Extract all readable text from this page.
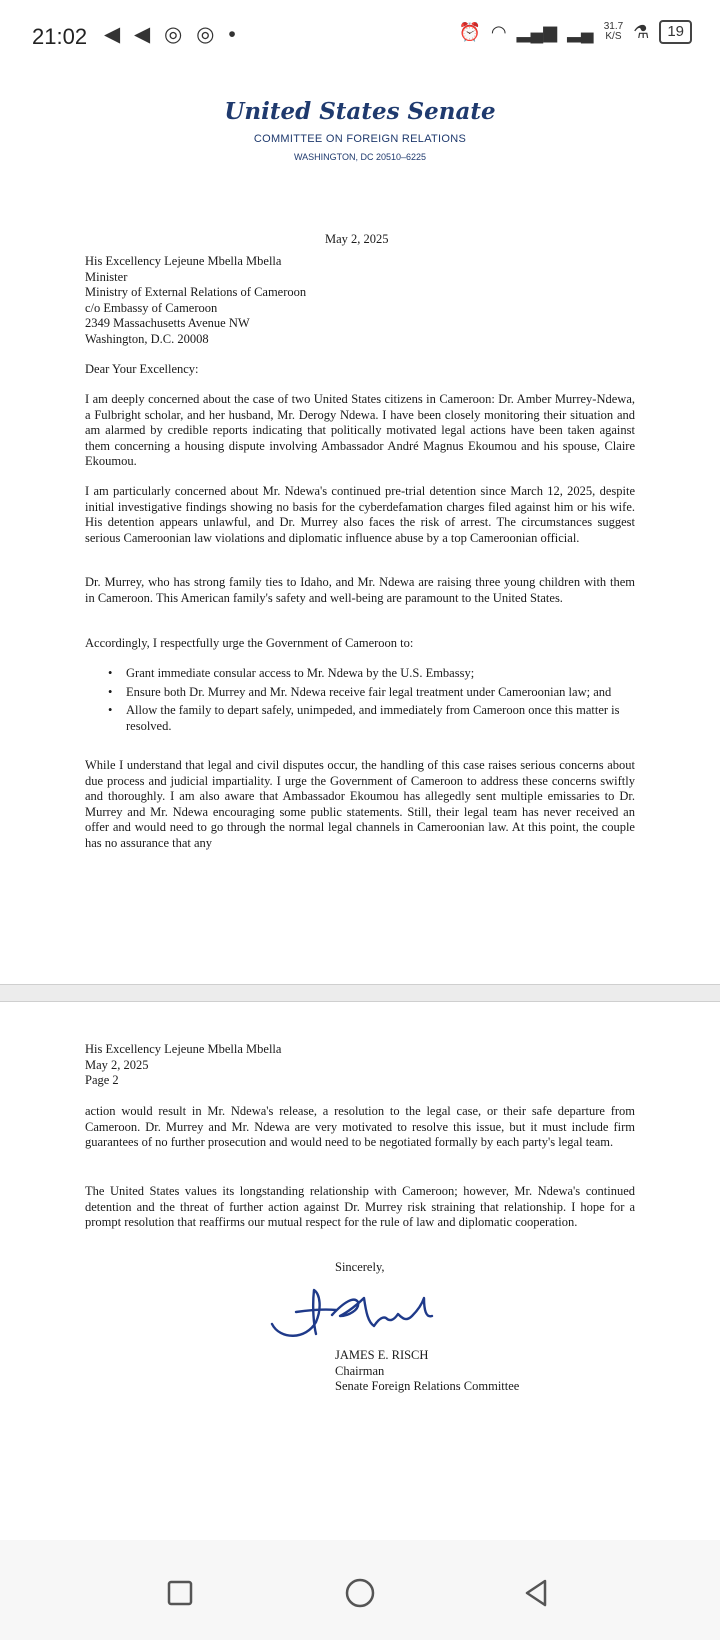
21:02 ◀ ◀ ◎ ◎ •	⏰ ◠ ▂▄▆ ▂▄ 31.7
K/S ⚗	19
United States Senate
COMMITTEE ON FOREIGN RELATIONS
WASHINGTON, DC 20510–6225
May 2, 2025
His Excellency Lejeune Mbella Mbella
Minister
Ministry of External Relations of Cameroon
c/o Embassy of Cameroon
2349 Massachusetts Avenue NW
Washington, D.C. 20008
Dear Your Excellency:
I am deeply concerned about the case of two United States citizens in Cameroon: Dr. Amber Murrey-Ndewa, a Fulbright scholar, and her husband, Mr. Derogy Ndewa. I have been closely monitoring their situation and am alarmed by credible reports indicating that politically motivated legal actions have been taken against them concerning a housing dispute involving Ambassador André Magnus Ekoumou and his spouse, Claire Ekoumou.
I am particularly concerned about Mr. Ndewa's continued pre-trial detention since March 12, 2025, despite initial investigative findings showing no basis for the cyberdefamation charges filed against him or his wife. His detention appears unlawful, and Dr. Murrey also faces the risk of arrest. The circumstances suggest serious Cameroonian law violations and diplomatic influence abuse by a top Cameroonian official.
Dr. Murrey, who has strong family ties to Idaho, and Mr. Ndewa are raising three young children with them in Cameroon. This American family's safety and well-being are paramount to the United States.
Accordingly, I respectfully urge the Government of Cameroon to:
• Grant immediate consular access to Mr. Ndewa by the U.S. Embassy;
• Ensure both Dr. Murrey and Mr. Ndewa receive fair legal treatment under Cameroonian law; and
• Allow the family to depart safely, unimpeded, and immediately from Cameroon once this matter is resolved.
While I understand that legal and civil disputes occur, the handling of this case raises serious concerns about due process and judicial impartiality. I urge the Government of Cameroon to address these concerns swiftly and thoroughly. I am also aware that Ambassador Ekoumou has allegedly sent multiple emissaries to Dr. Murrey and Mr. Ndewa encouraging some public statements. Still, their legal team has never received an offer and would need to go through the normal legal channels in Cameroonian law. At this point, the couple has no assurance that any
His Excellency Lejeune Mbella Mbella
May 2, 2025
Page 2
action would result in Mr. Ndewa's release, a resolution to the legal case, or their safe departure from Cameroon. Dr. Murrey and Mr. Ndewa are very motivated to resolve this issue, but it must include firm guarantees of no further prosecution and would need to be negotiated formally by each party's legal team.
The United States values its longstanding relationship with Cameroon; however, Mr. Ndewa's continued detention and the threat of further action against Dr. Murrey risk straining that relationship. I hope for a prompt resolution that reaffirms our mutual respect for the rule of law and diplomatic cooperation.
Sincerely,
JAMES E. RISCH
Chairman
Senate Foreign Relations Committee
